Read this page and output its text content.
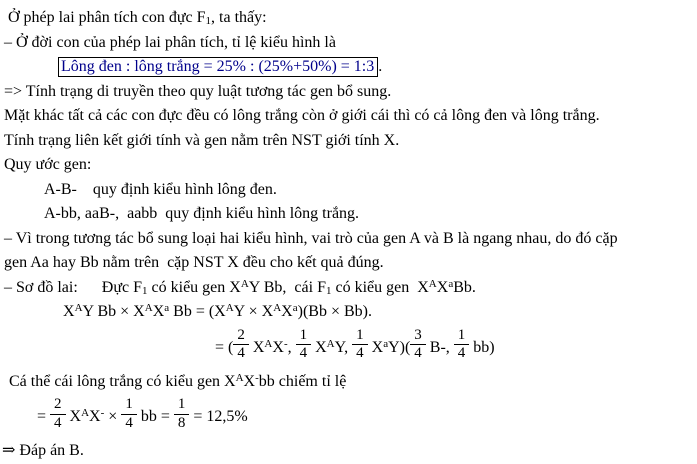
Ở phép lai phân tích con đực F1, ta thấy:
– Ở đời con của phép lai phân tích, tỉ lệ kiểu hình là
Lông đen : lông trắng = 25% : (25%+50%) = 1:3 .
=> Tính trạng di truyền theo quy luật tương tác gen bổ sung.
Mặt khác tất cả các con đực đều có lông trắng còn ở giới cái thì có cả lông đen và lông trắng.
Tính trạng liên kết giới tính và gen nằm trên NST giới tính X.
Quy ước gen:
A-B-    quy định kiểu hình lông đen.
A-bb, aaB-,  aabb  quy định kiểu hình lông trắng.
– Vì trong tương tác bổ sung loại hai kiểu hình, vai trò của gen A và B là ngang nhau, do đó cặp
gen Aa hay Bb nằm trên  cặp NST X đều cho kết quả đúng.
– Sơ đồ lai:      Đực F1 có kiểu gen $X^AY$ Bb,  cái F1 có kiểu gen  $X^AX^aBb$.
$X^AY$ $Bb \times X^AX^a$ $Bb = (X^AY \times X^AX^a)(Bb \times Bb)$.
= ( $\frac{2}{4} X^AX^-$, $\frac{1}{4} X^AY$, $\frac{1}{4} X^aY)( \frac{3}{4} B-$, $\frac{1}{4} bb$)
Cá thể cái lông trắng có kiểu gen $X^AX^-bb$ chiếm tỉ lệ
= $\frac{2}{4} X^AX^- \times \frac{1}{4}$ bb = $\frac{1}{8} = 12,5\%$
⇒ Đáp án B.
